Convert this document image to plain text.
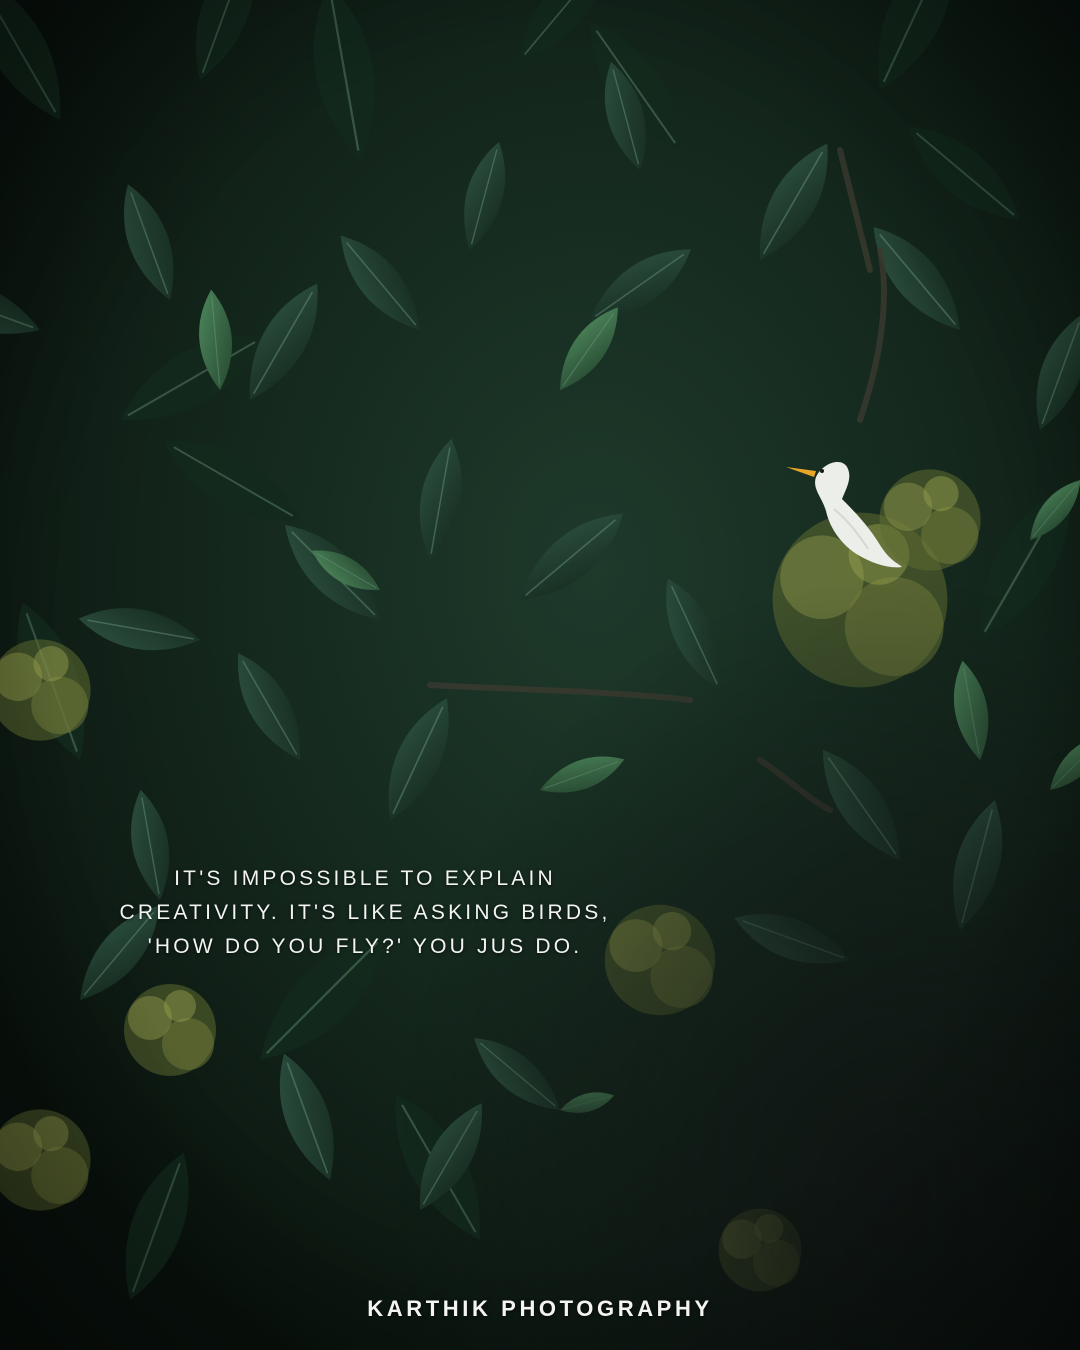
IT'S IMPOSSIBLE TO EXPLAIN
CREATIVITY. IT'S LIKE ASKING BIRDS,
'HOW DO YOU FLY?' YOU JUS DO.
KARTHIK PHOTOGRAPHY
